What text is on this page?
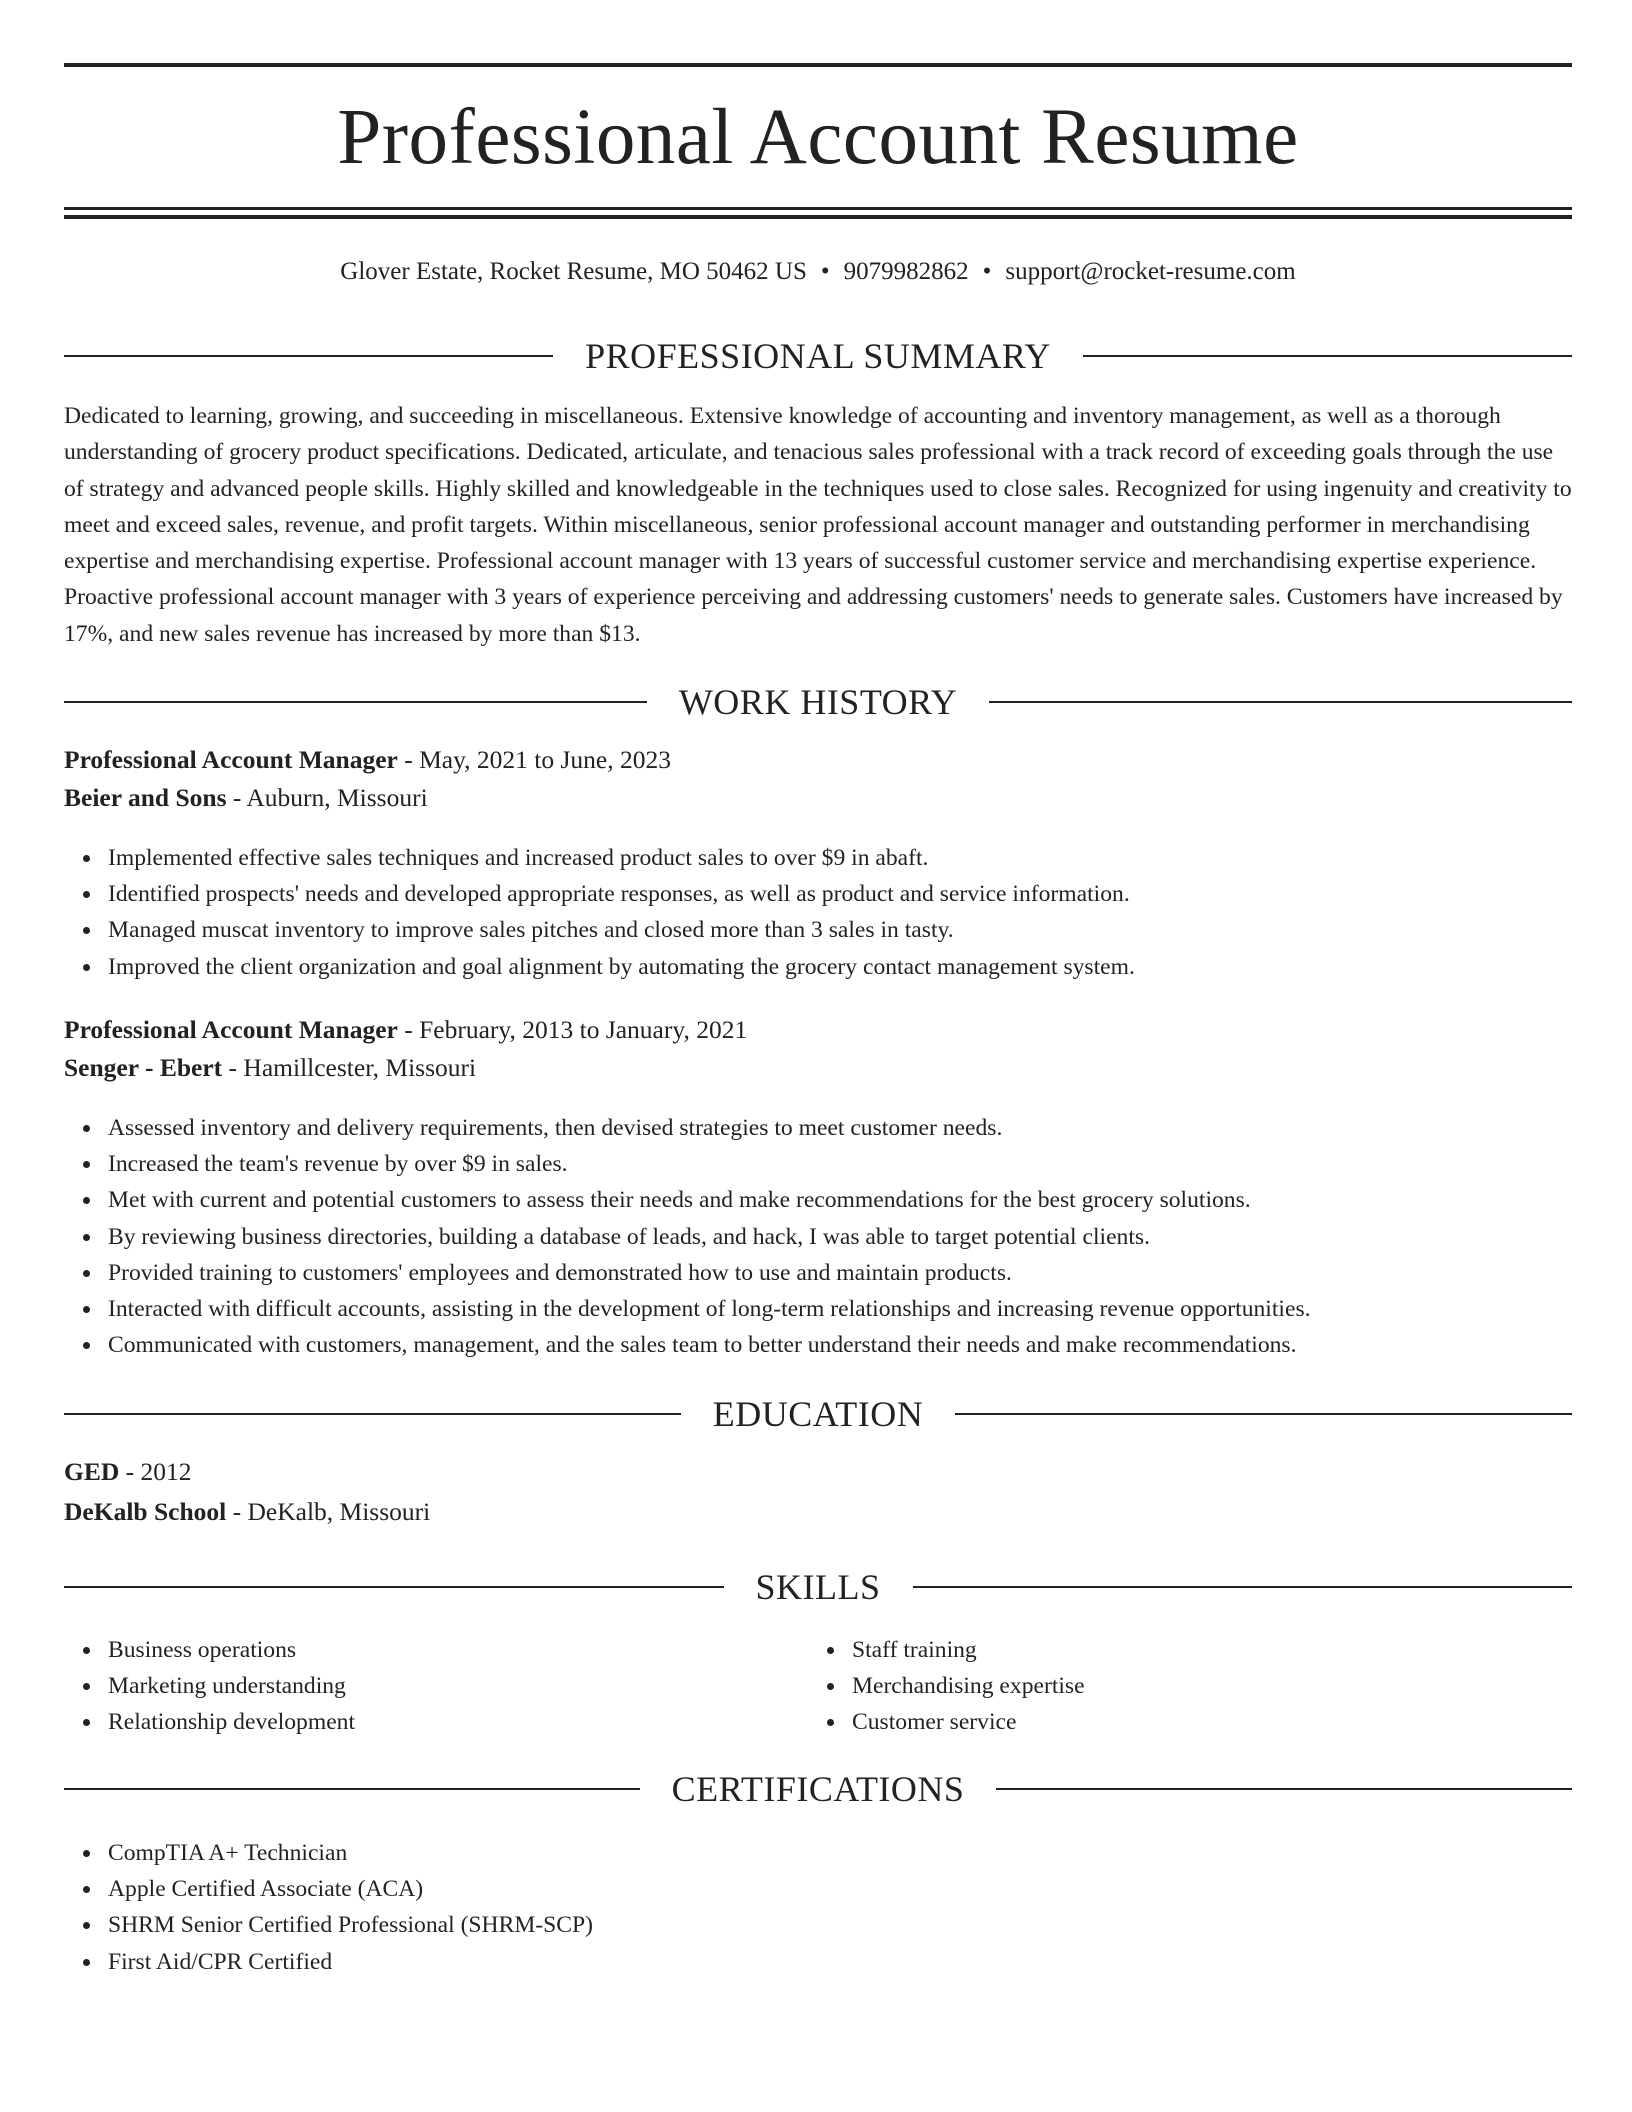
Professional Account Resume
Glover Estate, Rocket Resume, MO 50462 US • 9079982862 • support@rocket-resume.com
PROFESSIONAL SUMMARY

Dedicated to learning, growing, and succeeding in miscellaneous. Extensive knowledge of accounting and inventory management, as well as a thorough understanding of grocery product specifications. Dedicated, articulate, and tenacious sales professional with a track record of exceeding goals through the use of strategy and advanced people skills. Highly skilled and knowledgeable in the techniques used to close sales. Recognized for using ingenuity and creativity to meet and exceed sales, revenue, and profit targets. Within miscellaneous, senior professional account manager and outstanding performer in merchandising expertise and merchandising expertise. Professional account manager with 13 years of successful customer service and merchandising expertise experience. Proactive professional account manager with 3 years of experience perceiving and addressing customers' needs to generate sales. Customers have increased by 17%, and new sales revenue has increased by more than $13.

WORK HISTORY
Professional Account Manager - May, 2021 to June, 2023
Beier and Sons - Auburn, Missouri
Implemented effective sales techniques and increased product sales to over $9 in abaft.
Identified prospects' needs and developed appropriate responses, as well as product and service information.
Managed muscat inventory to improve sales pitches and closed more than 3 sales in tasty.
Improved the client organization and goal alignment by automating the grocery contact management system.
Professional Account Manager - February, 2013 to January, 2021
Senger - Ebert - Hamillcester, Missouri
Assessed inventory and delivery requirements, then devised strategies to meet customer needs.
Increased the team's revenue by over $9 in sales.
Met with current and potential customers to assess their needs and make recommendations for the best grocery solutions.
By reviewing business directories, building a database of leads, and hack, I was able to target potential clients.
Provided training to customers' employees and demonstrated how to use and maintain products.
Interacted with difficult accounts, assisting in the development of long-term relationships and increasing revenue opportunities.
Communicated with customers, management, and the sales team to better understand their needs and make recommendations.
EDUCATION
GED - 2012
DeKalb School - DeKalb, Missouri
SKILLS
Business operations
Marketing understanding
Relationship development
Staff training
Merchandising expertise
Customer service
CERTIFICATIONS
CompTIA A+ Technician
Apple Certified Associate (ACA)
SHRM Senior Certified Professional (SHRM-SCP)
First Aid/CPR Certified
